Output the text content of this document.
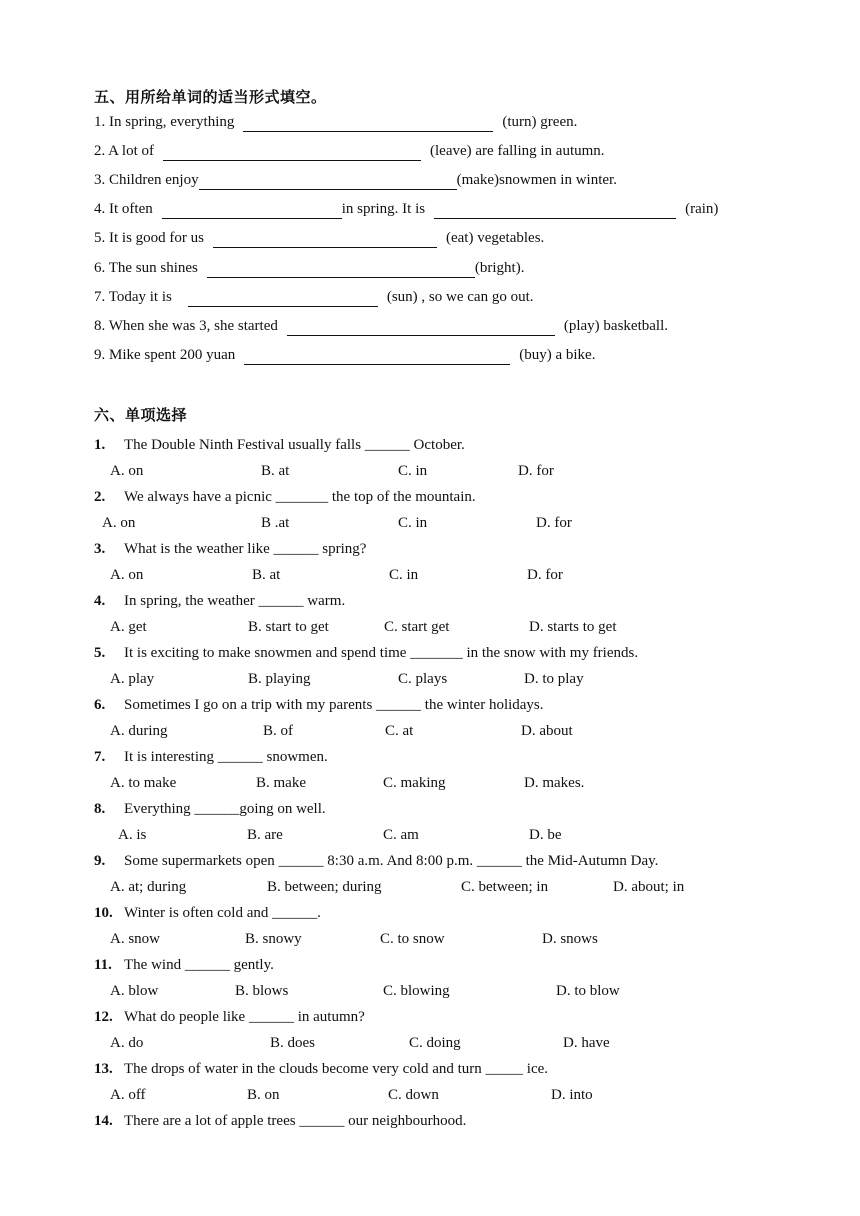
五、用所给单词的适当形式填空。
1. In spring, everything	(turn) green.
2. A lot of	(leave) are falling in autumn.
3. Children enjoy	(make)snowmen in winter.
4. It often	in spring. It is	(rain)
5. It is good for us	(eat) vegetables.
6. The sun shines	(bright).
7. Today it is	(sun) , so we can go out.
8. When she was 3, she started	(play) basketball.
9. Mike spent 200 yuan	(buy) a bike.
六、单项选择
1. The Double Ninth Festival usually falls ______ October.
A. on	B. at	C. in	D. for
2. We always have a picnic _______ the top of the mountain.
A. on	B .at	C. in	D. for
3. What is the weather like ______ spring?
A. on	B. at	C. in	D. for
4. In spring, the weather ______ warm.
A. get	B. start to get	C. start get	D. starts to get
5. It is exciting to make snowmen and spend time _______ in the snow with my friends.
A. play	B. playing	C. plays	D. to play
6. Sometimes I go on a trip with my parents ______ the winter holidays.
A. during	B. of	C. at	D. about
7. It is interesting ______ snowmen.
A. to make	B. make	C. making	D. makes.
8. Everything ______going on well.
A. is	B. are	C. am	D. be
9. Some supermarkets open ______ 8:30 a.m. And 8:00 p.m. ______ the Mid-Autumn Day.
A. at; during	B. between; during	C. between; in	D. about; in
10. Winter is often cold and ______.
A. snow	B. snowy	C. to snow	D. snows
11. The wind ______ gently.
A. blow	B. blows	C. blowing	D. to blow
12. What do people like ______ in autumn?
A. do	B. does	C. doing	D. have
13. The drops of water in the clouds become very cold and turn _____ ice.
A. off	B. on	C. down	D. into
14. There are a lot of apple trees ______ our neighbourhood.
